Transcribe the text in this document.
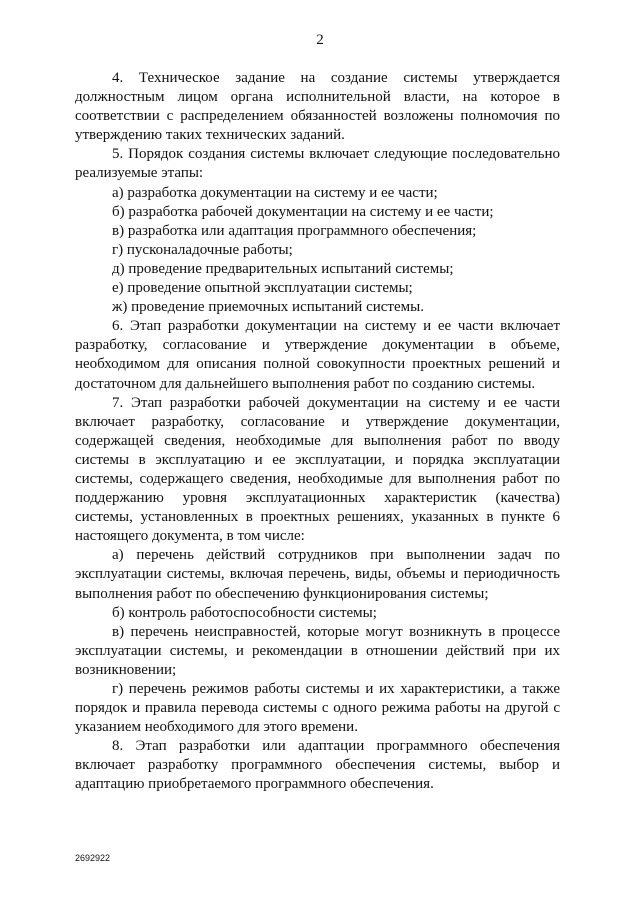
2

4. Техническое задание на создание системы утверждается должностным лицом органа исполнительной власти, на которое в соответствии с распределением обязанностей возложены полномочия по утверждению таких технических заданий.

5. Порядок создания системы включает следующие последовательно реализуемые этапы:

а) разработка документации на систему и ее части;

б) разработка рабочей документации на систему и ее части;

в) разработка или адаптация программного обеспечения;

г) пусконаладочные работы;

д) проведение предварительных испытаний системы;

е) проведение опытной эксплуатации системы;

ж) проведение приемочных испытаний системы.

6. Этап разработки документации на систему и ее части включает разработку, согласование и утверждение документации в объеме, необходимом для описания полной совокупности проектных решений и достаточном для дальнейшего выполнения работ по созданию системы.

7. Этап разработки рабочей документации на систему и ее части включает разработку, согласование и утверждение документации, содержащей сведения, необходимые для выполнения работ по вводу системы в эксплуатацию и ее эксплуатации, и порядка эксплуатации системы, содержащего сведения, необходимые для выполнения работ по поддержанию уровня эксплуатационных характеристик (качества) системы, установленных в проектных решениях, указанных в пункте 6 настоящего документа, в том числе:

а) перечень действий сотрудников при выполнении задач по эксплуатации системы, включая перечень, виды, объемы и периодичность выполнения работ по обеспечению функционирования системы;

б) контроль работоспособности системы;

в) перечень неисправностей, которые могут возникнуть в процессе эксплуатации системы, и рекомендации в отношении действий при их возникновении;

г) перечень режимов работы системы и их характеристики, а также порядок и правила перевода системы с одного режима работы на другой с указанием необходимого для этого времени.

8. Этап разработки или адаптации программного обеспечения включает разработку программного обеспечения системы, выбор и адаптацию приобретаемого программного обеспечения.

2692922
